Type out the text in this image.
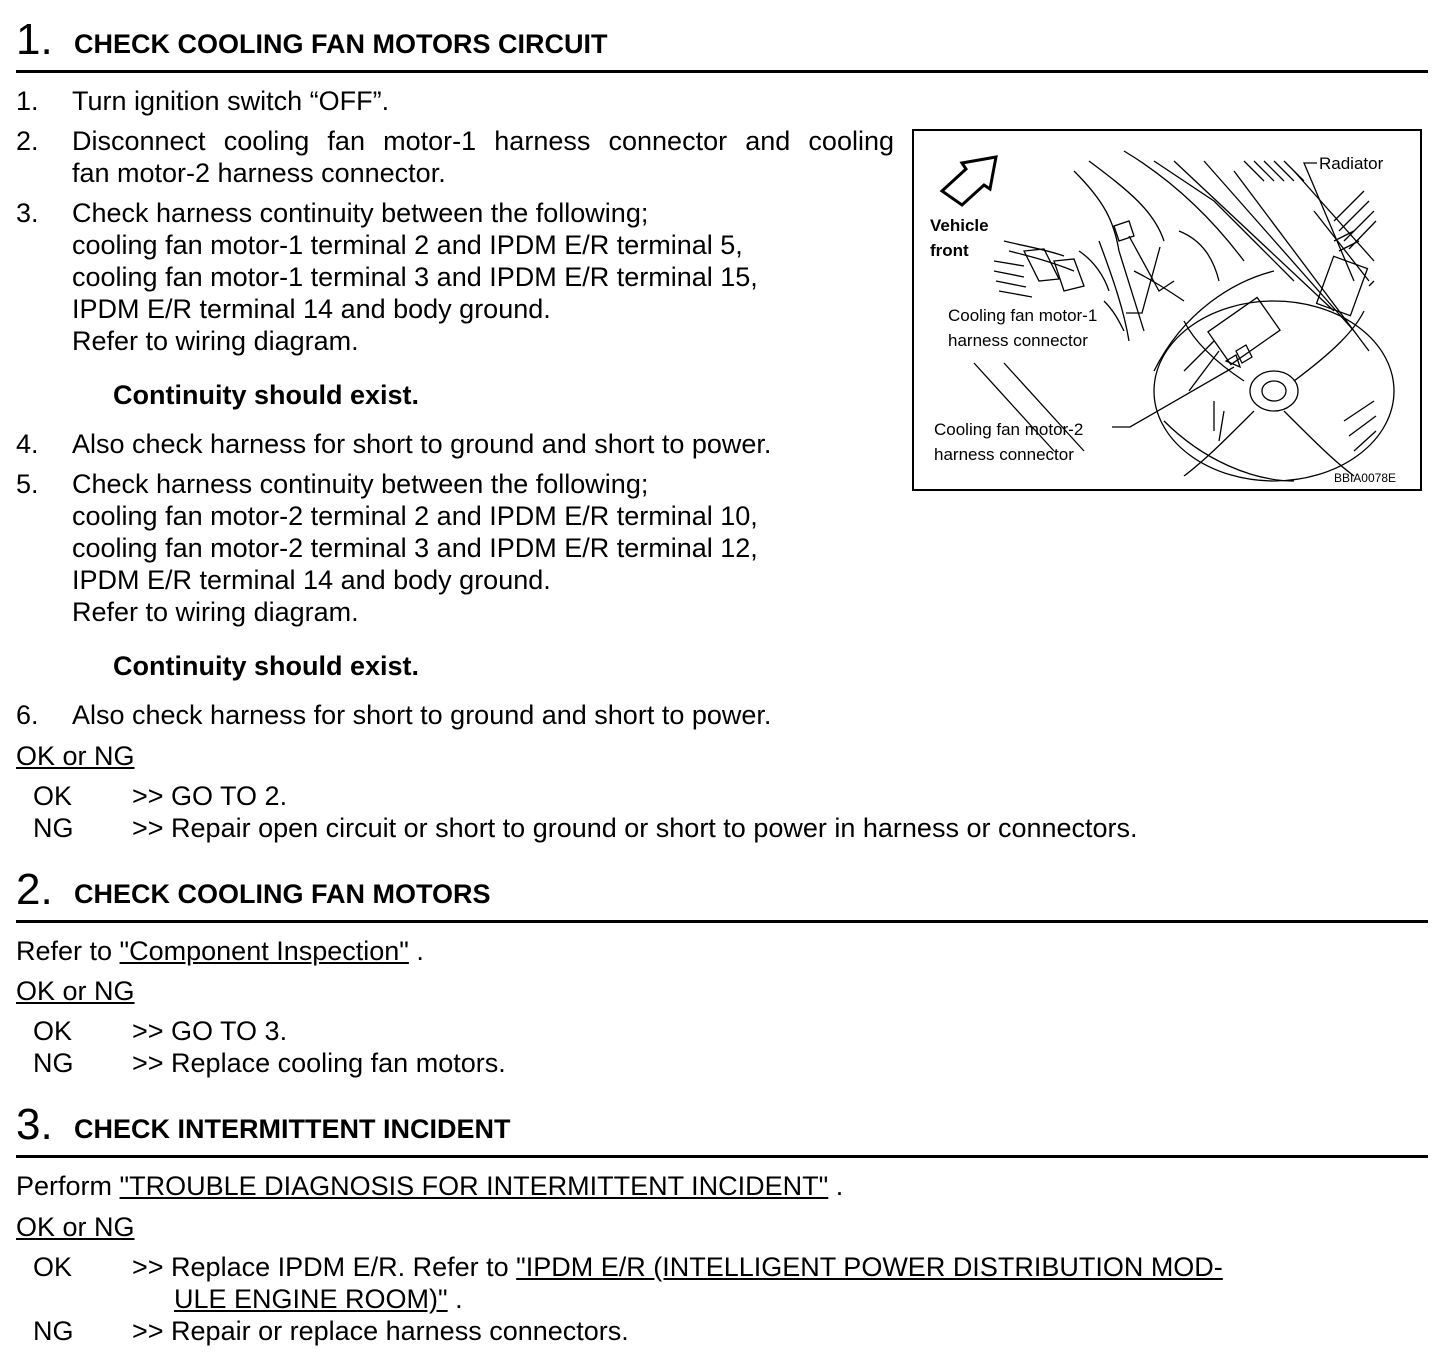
1. CHECK COOLING FAN MOTORS CIRCUIT
1. Turn ignition switch “OFF”.
2. Disconnect cooling fan motor-1 harness connector and cooling
fan motor-2 harness connector.
3. Check harness continuity between the following;
cooling fan motor-1 terminal 2 and IPDM E/R terminal 5,
cooling fan motor-1 terminal 3 and IPDM E/R terminal 15,
IPDM E/R terminal 14 and body ground.
Refer to wiring diagram.
Continuity should exist.
4. Also check harness for short to ground and short to power.
5. Check harness continuity between the following;
cooling fan motor-2 terminal 2 and IPDM E/R terminal 10,
cooling fan motor-2 terminal 3 and IPDM E/R terminal 12,
IPDM E/R terminal 14 and body ground.
Refer to wiring diagram.
Continuity should exist.
6. Also check harness for short to ground and short to power.
OK or NG
OK >> GO TO 2.
NG >> Repair open circuit or short to ground or short to power in harness or connectors.
Radiator
Vehicle
front
Cooling fan motor-1
harness connector
Cooling fan motor-2
harness connector
BBIA0078E
2. CHECK COOLING FAN MOTORS
Refer to "Component Inspection" .
OK or NG
OK >> GO TO 3.
NG >> Replace cooling fan motors.
3. CHECK INTERMITTENT INCIDENT
Perform "TROUBLE DIAGNOSIS FOR INTERMITTENT INCIDENT" .
OK or NG
OK >> Replace IPDM E/R. Refer to "IPDM E/R (INTELLIGENT POWER DISTRIBUTION MOD-
ULE ENGINE ROOM)" .
NG >> Repair or replace harness connectors.
